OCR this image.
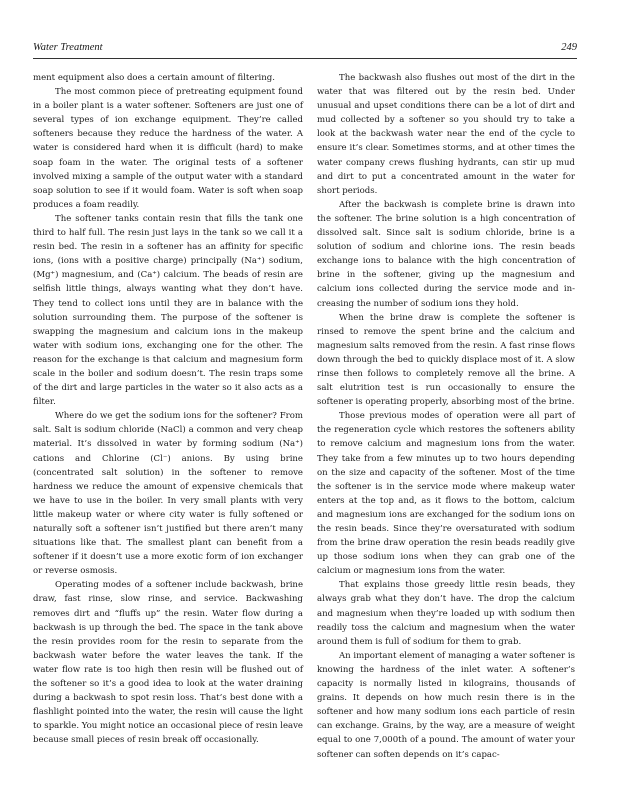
Water Treatment	249

ment equipment also does a certain amount of filtering.

The most common piece of pretreating equipment found in a boiler plant is a water softener. Softeners are just one of several types of ion exchange equipment. They’re called softeners because they reduce the hardness of the water. A water is considered hard when it is difficult (hard) to make soap foam in the water. The original tests of a softener involved mixing a sample of the output water with a standard soap solution to see if it would foam. Water is soft when soap produces a foam readily.

The softener tanks contain resin that fills the tank one third to half full. The resin just lays in the tank so we call it a resin bed. The resin in a softener has an affinity for specific ions, (ions with a positive charge) principally (Na⁺) sodium, (Mg⁺) magnesium, and (Ca⁺) calcium. The beads of resin are selfish little things, always wanting what they don’t have. They tend to collect ions until they are in balance with the solution surrounding them. The purpose of the softener is swapping the magnesium and calcium ions in the makeup water with sodium ions, exchanging one for the other. The reason for the exchange is that calcium and magnesium form scale in the boiler and sodium doesn’t. The resin traps some of the dirt and large particles in the water so it also acts as a filter.

Where do we get the sodium ions for the softener? From salt. Salt is sodium chloride (NaCl) a common and very cheap material. It’s dissolved in water by forming sodium (Na⁺) cations and Chlorine (Cl⁻) anions. By using brine (concentrated salt solution) in the softener to remove hardness we reduce the amount of expensive chemicals that we have to use in the boiler. In very small plants with very little makeup water or where city water is fully softened or naturally soft a softener isn’t justified but there aren’t many situations like that. The smallest plant can benefit from a softener if it doesn’t use a more exotic form of ion exchanger or reverse osmosis.

Operating modes of a softener include backwash, brine draw, fast rinse, slow rinse, and service. Backwashing removes dirt and “fluffs up” the resin. Water flow during a backwash is up through the bed. The space in the tank above the resin provides room for the resin to separate from the backwash water before the water leaves the tank. If the water flow rate is too high then resin will be flushed out of the softener so it’s a good idea to look at the water draining during a backwash to spot resin loss. That’s best done with a flashlight pointed into the water, the resin will cause the light to sparkle. You might notice an occasional piece of resin leave because small pieces of resin break off occasionally.

The backwash also flushes out most of the dirt in the water that was filtered out by the resin bed. Under unusual and upset conditions there can be a lot of dirt and mud collected by a softener so you should try to take a look at the backwash water near the end of the cycle to ensure it’s clear. Sometimes storms, and at other times the water company crews flushing hydrants, can stir up mud and dirt to put a concentrated amount in the water for short periods.

After the backwash is complete brine is drawn into the softener. The brine solution is a high concentration of dissolved salt. Since salt is sodium chloride, brine is a solution of sodium and chlorine ions. The resin beads exchange ions to balance with the high concentration of brine in the softener, giving up the magnesium and calcium ions collected during the service mode and increasing the number of sodium ions they hold.

When the brine draw is complete the softener is rinsed to remove the spent brine and the calcium and magnesium salts removed from the resin. A fast rinse flows down through the bed to quickly displace most of it. A slow rinse then follows to completely remove all the brine. A salt elutrition test is run occasionally to ensure the softener is operating properly, absorbing most of the brine.

Those previous modes of operation were all part of the regeneration cycle which restores the softeners ability to remove calcium and magnesium ions from the water. They take from a few minutes up to two hours depending on the size and capacity of the softener. Most of the time the softener is in the service mode where makeup water enters at the top and, as it flows to the bottom, calcium and magnesium ions are exchanged for the sodium ions on the resin beads. Since they’re oversaturated with sodium from the brine draw operation the resin beads readily give up those sodium ions when they can grab one of the calcium or magnesium ions from the water.

That explains those greedy little resin beads, they always grab what they don’t have. The drop the calcium and magnesium when they’re loaded up with sodium then readily toss the calcium and magnesium when the water around them is full of sodium for them to grab.

An important element of managing a water softener is knowing the hardness of the inlet water. A softener’s capacity is normally listed in kilograins, thousands of grains. It depends on how much resin there is in the softener and how many sodium ions each particle of resin can exchange. Grains, by the way, are a measure of weight equal to one 7,000th of a pound. The amount of water your softener can soften depends on it’s capac-
